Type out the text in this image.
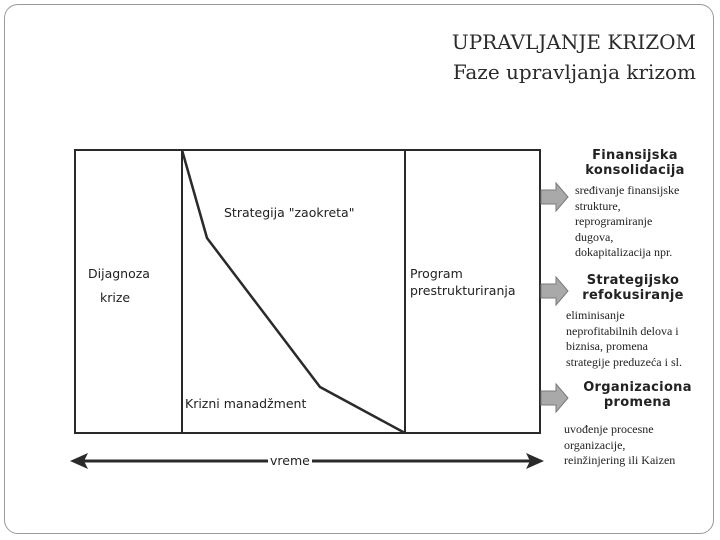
UPRAVLJANJE KRIZOM
Faze upravljanja krizom
Dijagnoza
krize
Strategija "zaokreta"
Krizni manadžment
Program
prestrukturiranja
vreme
Finansijska
konsolidacija
sređivanje finansijske
strukture,
reprogramiranje
dugova,
dokapitalizacija npr.
Strategijsko
refokusiranje
eliminisanje
neprofitabilnih delova i
biznisa, promena
strategije preduzeća i sl.
Organizaciona
promena
uvođenje procesne
organizacije,
reinžinjering ili Kaizen
